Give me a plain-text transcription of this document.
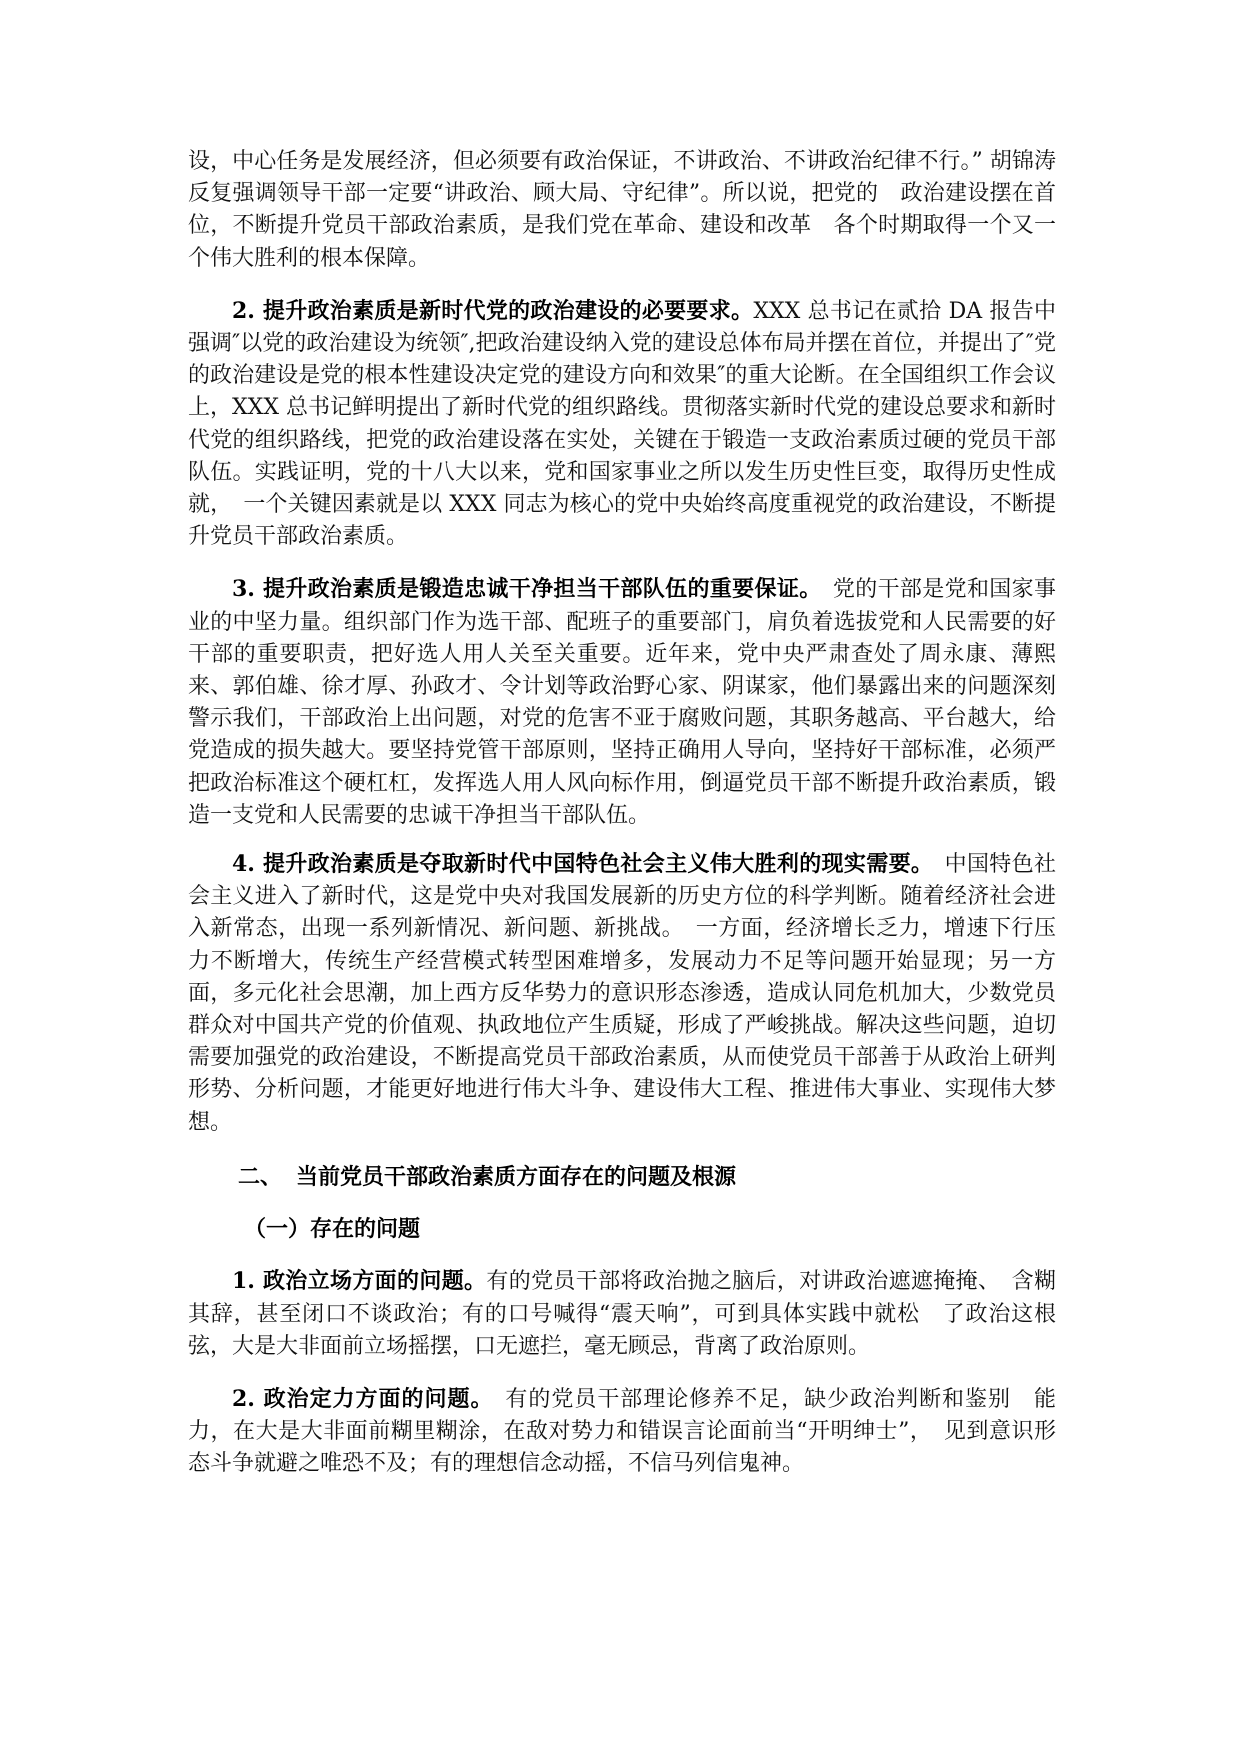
设，中心任务是发展经济，但必须要有政治保证，不讲政治、不讲政治纪律不行。” 胡锦涛反复强调领导干部一定要“讲政治、顾大局、守纪律”。所以说，把党的　政治建设摆在首位，不断提升党员干部政治素质，是我们党在革命、建设和改革　各个时期取得一个又一个伟大胜利的根本保障。

2. 提升政治素质是新时代党的政治建设的必要要求。XXX 总书记在贰拾 DA 报告中强调″以党的政治建设为统领″,把政治建设纳入党的建设总体布局并摆在首位，并提出了″党的政治建设是党的根本性建设决定党的建设方向和效果″的重大论断。在全国组织工作会议上，XXX 总书记鲜明提出了新时代党的组织路线。贯彻落实新时代党的建设总要求和新时代党的组织路线，把党的政治建设落在实处，关键在于锻造一支政治素质过硬的党员干部队伍。实践证明，党的十八大以来，党和国家事业之所以发生历史性巨变，取得历史性成就，　一个关键因素就是以 XXX 同志为核心的党中央始终高度重视党的政治建设，不断提升党员干部政治素质。

3. 提升政治素质是锻造忠诚干净担当干部队伍的重要保证。　党的干部是党和国家事业的中坚力量。组织部门作为选干部、配班子的重要部门，肩负着选拔党和人民需要的好干部的重要职责，把好选人用人关至关重要。近年来，党中央严肃查处了周永康、薄熙来、郭伯雄、徐才厚、孙政才、令计划等政治野心家、阴谋家，他们暴露出来的问题深刻警示我们，干部政治上出问题，对党的危害不亚于腐败问题，其职务越高、平台越大，给党造成的损失越大。要坚持党管干部原则，坚持正确用人导向，坚持好干部标准，必须严把政治标准这个硬杠杠，发挥选人用人风向标作用，倒逼党员干部不断提升政治素质，锻造一支党和人民需要的忠诚干净担当干部队伍。

4. 提升政治素质是夺取新时代中国特色社会主义伟大胜利的现实需要。　中国特色社会主义进入了新时代，这是党中央对我国发展新的历史方位的科学判断。随着经济社会进入新常态，出现一系列新情况、新问题、新挑战。　一方面，经济增长乏力，增速下行压力不断增大，传统生产经营模式转型困难增多，发展动力不足等问题开始显现；另一方面，多元化社会思潮，加上西方反华势力的意识形态渗透，造成认同危机加大，少数党员群众对中国共产党的价值观、执政地位产生质疑，形成了严峻挑战。解决这些问题，迫切需要加强党的政治建设，不断提高党员干部政治素质，从而使党员干部善于从政治上研判形势、分析问题，才能更好地进行伟大斗争、建设伟大工程、推进伟大事业、实现伟大梦想。

二、 当前党员干部政治素质方面存在的问题及根源
（一）存在的问题

1. 政治立场方面的问题。有的党员干部将政治抛之脑后，对讲政治遮遮掩掩、　含糊其辞，甚至闭口不谈政治；有的口号喊得“震天响”，可到具体实践中就松　了政治这根弦，大是大非面前立场摇摆，口无遮拦，毫无顾忌，背离了政治原则。

2. 政治定力方面的问题。　有的党员干部理论修养不足，缺少政治判断和鉴别　能力，在大是大非面前糊里糊涂，在敌对势力和错误言论面前当“开明绅士”，　见到意识形态斗争就避之唯恐不及；有的理想信念动摇，不信马列信鬼神。
